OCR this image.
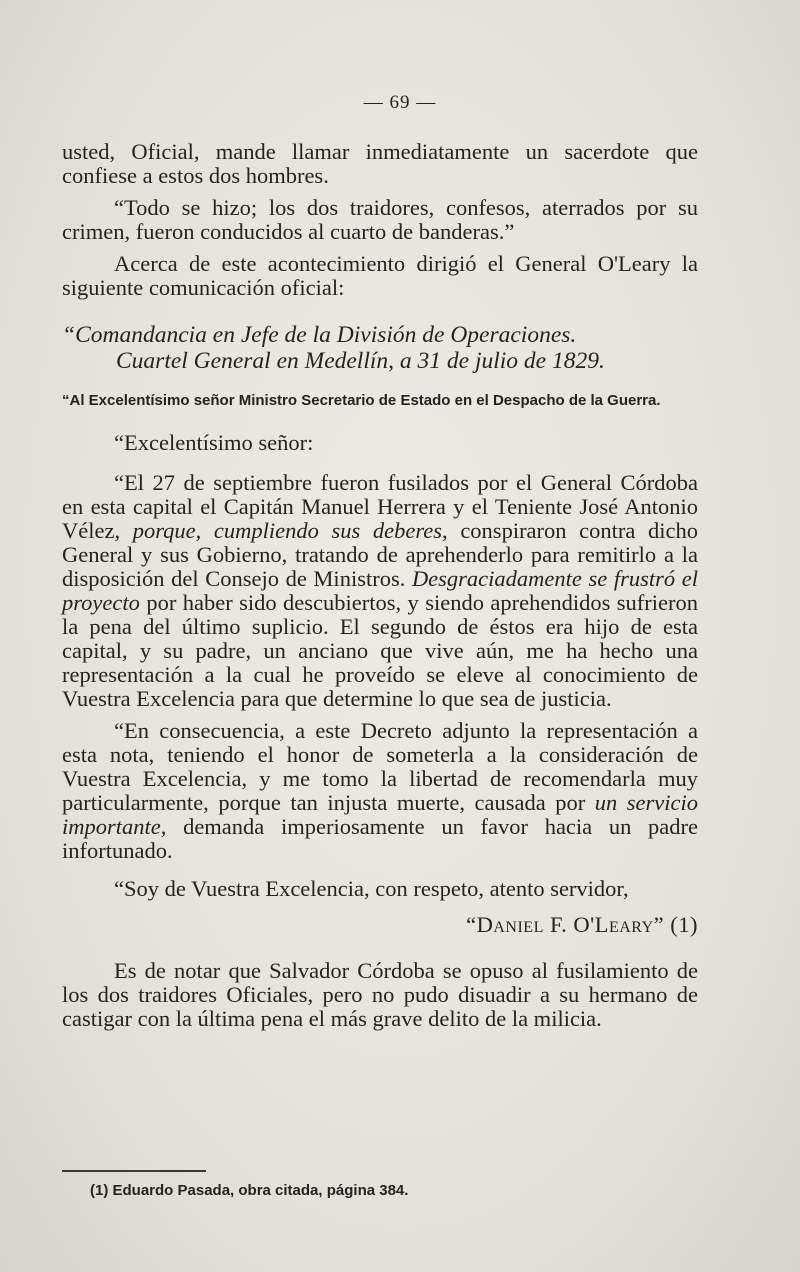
— 69 —

usted, Oficial, mande llamar inmediatamente un sacerdote que confiese a estos dos hombres.

“Todo se hizo; los dos traidores, confesos, aterrados por su crimen, fueron conducidos al cuarto de banderas.”

Acerca de este acontecimiento dirigió el General O'Leary la siguiente comunicación oficial:

“Comandancia en Jefe de la División de Operaciones.
Cuartel General en Medellín, a 31 de julio de 1829.

“Al Excelentísimo señor Ministro Secretario de Estado en el Despacho de la Guerra.

“Excelentísimo señor:

“El 27 de septiembre fueron fusilados por el General Córdoba en esta capital el Capitán Manuel Herrera y el Teniente José Antonio Vélez, porque, cumpliendo sus deberes, conspiraron contra dicho General y sus Gobierno, tratando de aprehenderlo para remitirlo a la disposición del Consejo de Ministros. Desgraciadamente se frustró el proyecto por haber sido descubiertos, y siendo aprehendidos sufrieron la pena del último suplicio. El segundo de éstos era hijo de esta capital, y su padre, un anciano que vive aún, me ha hecho una representación a la cual he proveído se eleve al conocimiento de Vuestra Excelencia para que determine lo que sea de justicia.

“En consecuencia, a este Decreto adjunto la representación a esta nota, teniendo el honor de someterla a la consideración de Vuestra Excelencia, y me tomo la libertad de recomendarla muy particularmente, porque tan injusta muerte, causada por un servicio importante, demanda imperiosamente un favor hacia un padre infortunado.

“Soy de Vuestra Excelencia, con respeto, atento servidor,

“Daniel F. O'Leary” (1)

Es de notar que Salvador Córdoba se opuso al fusilamiento de los dos traidores Oficiales, pero no pudo disuadir a su hermano de castigar con la última pena el más grave delito de la milicia.

(1) Eduardo Pasada, obra citada, página 384.
